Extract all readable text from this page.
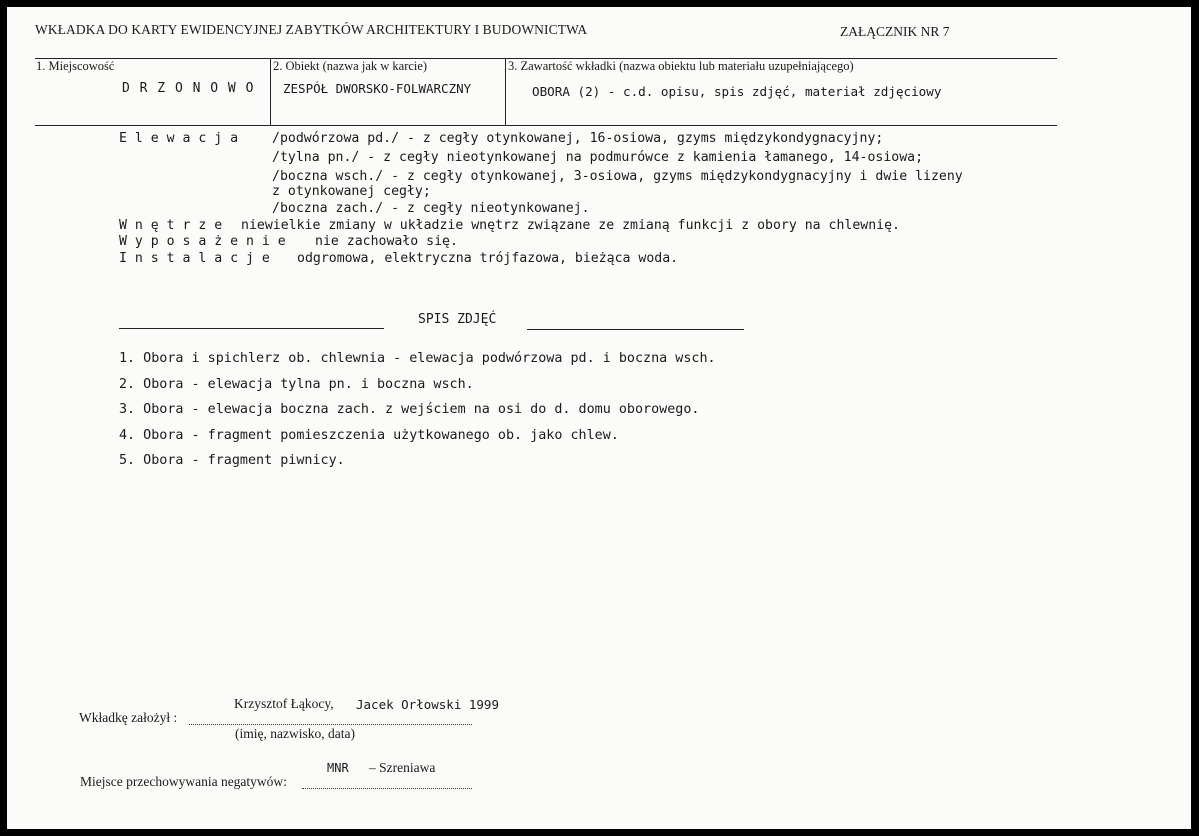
WKŁADKA DO KARTY EWIDENCYJNEJ ZABYTKÓW ARCHITEKTURY I BUDOWNICTWA	ZAŁĄCZNIK NR 7
1. Miejscowość
D R Z O N O W O
2. Obiekt (nazwa jak w karcie)
ZESPÓŁ DWORSKO-FOLWARCZNY
3. Zawartość wkładki (nazwa obiektu lub materiału uzupełniającego)
OBORA (2) - c.d. opisu, spis zdjęć, materiał zdjęciowy
E l e w a c j a	/podwórzowa pd./ - z cegły otynkowanej, 16-osiowa, gzyms międzykondygnacyjny;
/tylna pn./ - z cegły nieotynkowanej na podmurówce z kamienia łamanego, 14-osiowa;
/boczna wsch./ - z cegły otynkowanej, 3-osiowa, gzyms międzykondygnacyjny i dwie lizeny
z otynkowanej cegły;
/boczna zach./ - z cegły nieotynkowanej.
W n ę t r z e niewielkie zmiany w układzie wnętrz związane ze zmianą funkcji z obory na chlewnię.
W y p o s a ż e n i e nie zachowało się.
I n s t a l a c j e odgromowa, elektryczna trójfazowa, bieżąca woda.
SPIS ZDJĘĆ
1. Obora i spichlerz ob. chlewnia - elewacja podwórzowa pd. i boczna wsch.
2. Obora - elewacja tylna pn. i boczna wsch.
3. Obora - elewacja boczna zach. z wejściem na osi do d. domu oborowego.
4. Obora - fragment pomieszczenia użytkowanego ob. jako chlew.
5. Obora - fragment piwnicy.
Krzysztof Łąkocy, Jacek Orłowski 1999
Wkładkę założył :
(imię, nazwisko, data)
MNR – Szreniawa
Miejsce przechowywania negatywów:
